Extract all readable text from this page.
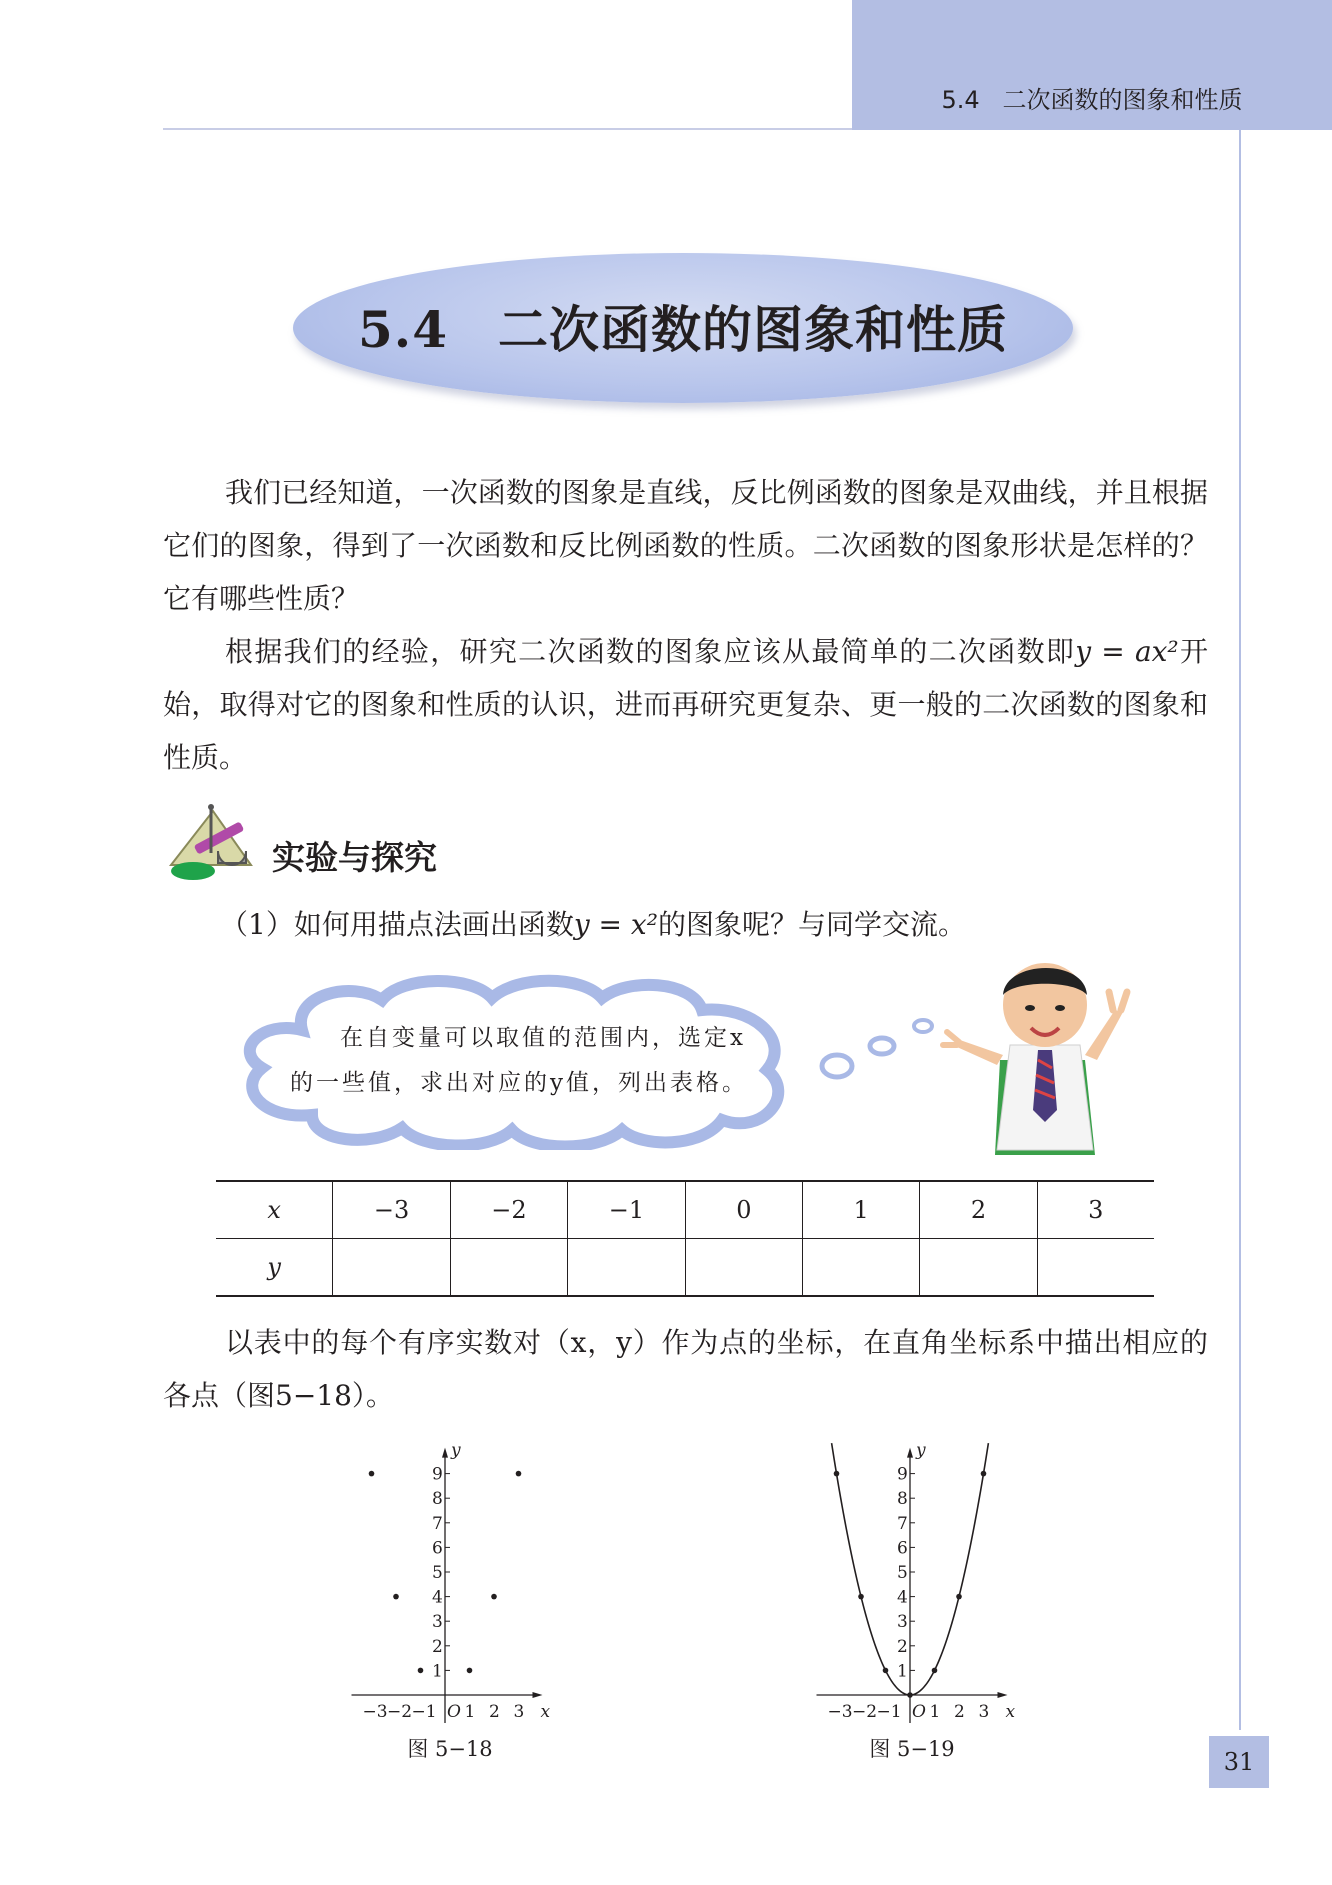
5.4 二次函数的图象和性质
5.4 二次函数的图象和性质
我们已经知道，一次函数的图象是直线，反比例函数的图象是双曲线，并且根据它们的图象，得到了一次函数和反比例函数的性质。二次函数的图象形状是怎样的？它有哪些性质？
根据我们的经验，研究二次函数的图象应该从最简单的二次函数即y = ax²开始，取得对它的图象和性质的认识，进而再研究更复杂、更一般的二次函数的图象和性质。
实验与探究
（1）如何用描点法画出函数y = x²的图象呢？与同学交流。
在自变量可以取值的范围内，选定x
的一些值，求出对应的y值，列出表格。
x	−3	−2	−1	0	1	2	3
y							
以表中的每个有序实数对（x，y）作为点的坐标，在直角坐标系中描出相应的各点（图5−18）。
x
y
O
−3 −2 −1 1 2 3
1
2
3
4
5
6
7
8
9
x
y
O
−3 −2 −1 1 2 3
1
2
3
4
5
6
7
8
9
图 5−18	图 5−19	31
